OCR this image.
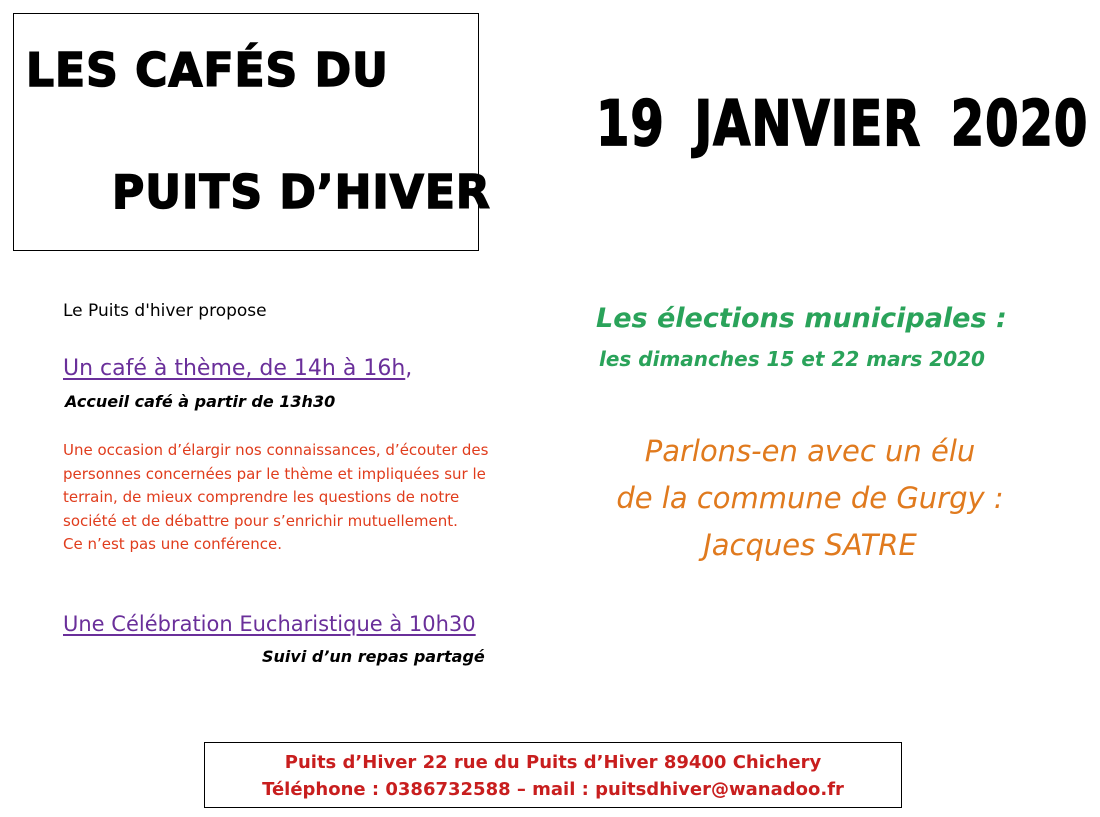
LES CAFÉS DU
PUITS D’HIVER
19 JANVIER 2020
Le Puits d'hiver propose
Un café à thème, de 14h à 16h,
Accueil café à partir de 13h30
Une occasion d’élargir nos connaissances, d’écouter des
personnes concernées par le thème et impliquées sur le
terrain, de mieux comprendre les questions de notre
société et de débattre pour s’enrichir mutuellement.
Ce n’est pas une conférence.
Une Célébration Eucharistique à 10h30
Suivi d’un repas partagé
Les élections municipales :
les dimanches 15 et 22 mars 2020
Parlons-en avec un élu
de la commune de Gurgy :
Jacques SATRE
Puits d’Hiver 22 rue du Puits d’Hiver 89400 Chichery
Téléphone : 0386732588 – mail : puitsdhiver@wanadoo.fr
